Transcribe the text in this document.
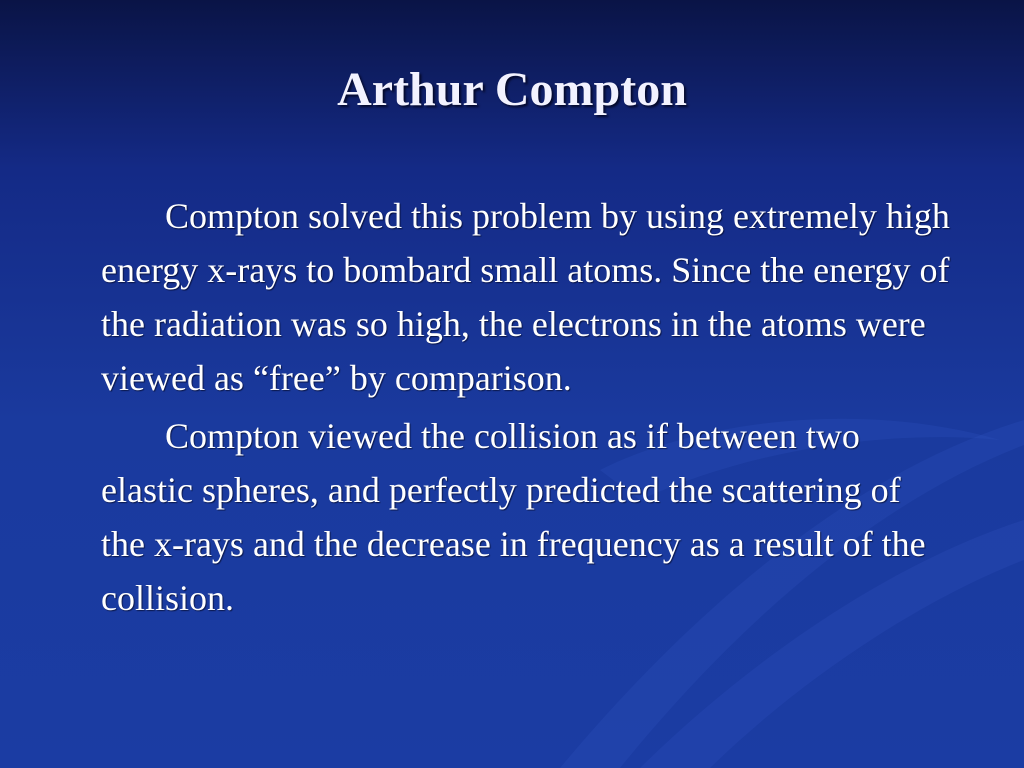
Arthur Compton

Compton solved this problem by using extremely high energy x-rays to bombard small atoms. Since the energy of the radiation was so high, the electrons in the atoms were viewed as “free” by comparison.

Compton viewed the collision as if between two elastic spheres, and perfectly predicted the scattering of the x-rays and the decrease in frequency as a result of the collision.
